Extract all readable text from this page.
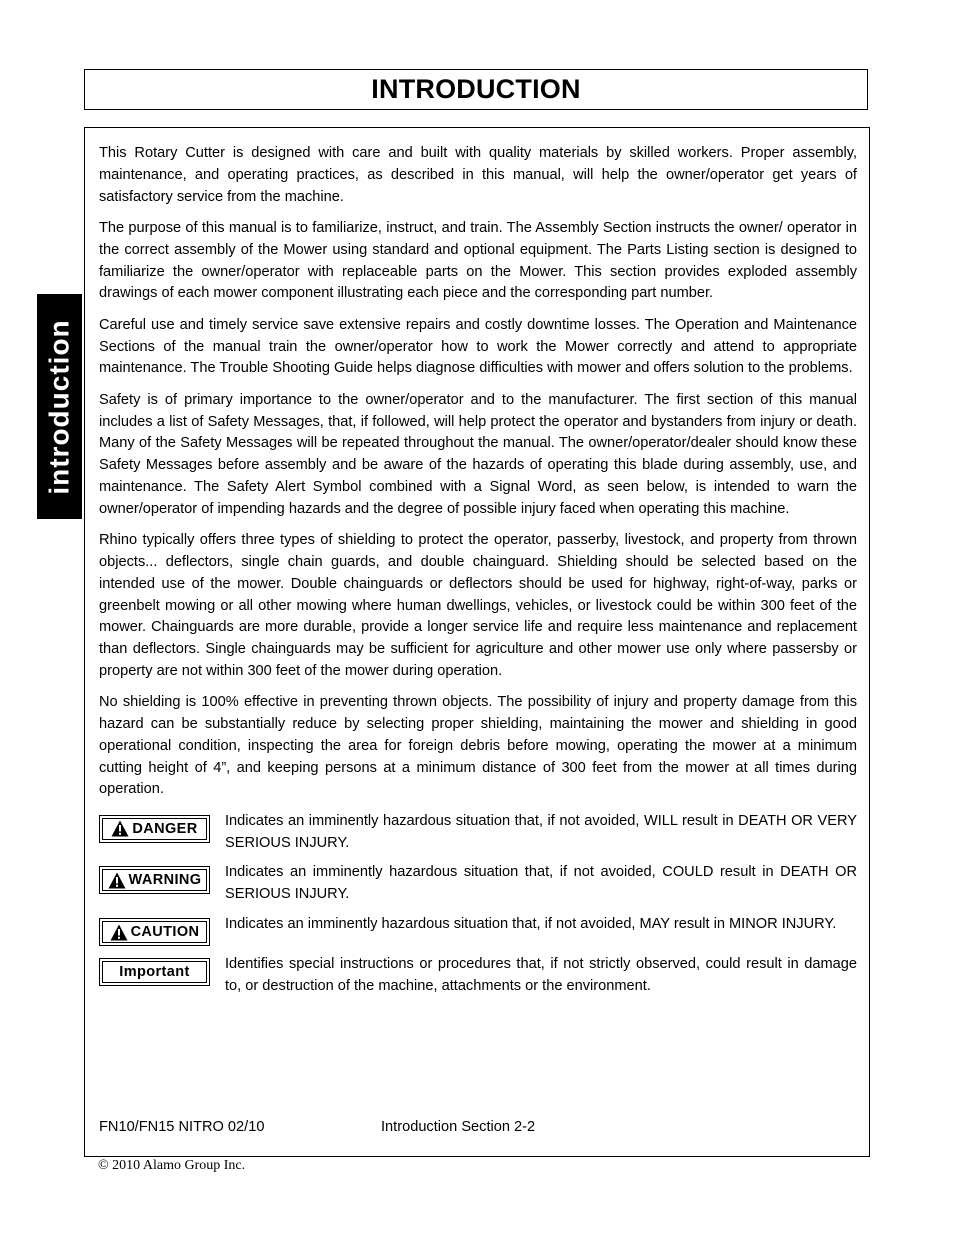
INTRODUCTION
introduction

This Rotary Cutter is designed with care and built with quality materials by skilled workers. Proper assembly, maintenance, and operating practices, as described in this manual, will help the owner/operator get years of satisfactory service from the machine.

The purpose of this manual is to familiarize, instruct, and train. The Assembly Section instructs the owner/ operator in the correct assembly of the Mower using standard and optional equipment. The Parts Listing section is designed to familiarize the owner/operator with replaceable parts on the Mower. This section provides exploded assembly drawings of each mower component illustrating each piece and the corresponding part number.

Careful use and timely service save extensive repairs and costly downtime losses. The Operation and Maintenance Sections of the manual train the owner/operator how to work the Mower correctly and attend to appropriate maintenance. The Trouble Shooting Guide helps diagnose difficulties with mower and offers solution to the problems.

Safety is of primary importance to the owner/operator and to the manufacturer. The first section of this manual includes a list of Safety Messages, that, if followed, will help protect the operator and bystanders from injury or death. Many of the Safety Messages will be repeated throughout the manual. The owner/operator/dealer should know these Safety Messages before assembly and be aware of the hazards of operating this blade during assembly, use, and maintenance. The Safety Alert Symbol combined with a Signal Word, as seen below, is intended to warn the owner/operator of impending hazards and the degree of possible injury faced when operating this machine.

Rhino typically offers three types of shielding to protect the operator, passerby, livestock, and property from thrown objects... deflectors, single chain guards, and double chainguard. Shielding should be selected based on the intended use of the mower. Double chainguards or deflectors should be used for highway, right-of-way, parks or greenbelt mowing or all other mowing where human dwellings, vehicles, or livestock could be within 300 feet of the mower. Chainguards are more durable, provide a longer service life and require less maintenance and replacement than deflectors. Single chainguards may be sufficient for agriculture and other mower use only where passersby or property are not within 300 feet of the mower during operation.

No shielding is 100% effective in preventing thrown objects. The possibility of injury and property damage from this hazard can be substantially reduce by selecting proper shielding, maintaining the mower and shielding in good operational condition, inspecting the area for foreign debris before mowing, operating the mower at a minimum cutting height of 4”, and keeping persons at a minimum distance of 300 feet from the mower at all times during operation.

DANGER Indicates an imminently hazardous situation that, if not avoided, WILL result in DEATH OR VERY SERIOUS INJURY.
WARNING Indicates an imminently hazardous situation that, if not avoided, COULD result in DEATH OR SERIOUS INJURY.
CAUTION Indicates an imminently hazardous situation that, if not avoided, MAY result in MINOR INJURY.
Important Identifies special instructions or procedures that, if not strictly observed, could result in damage to, or destruction of the machine, attachments or the environment.
FN10/FN15 NITRO 02/10	Introduction Section 2-2
© 2010 Alamo Group Inc.
